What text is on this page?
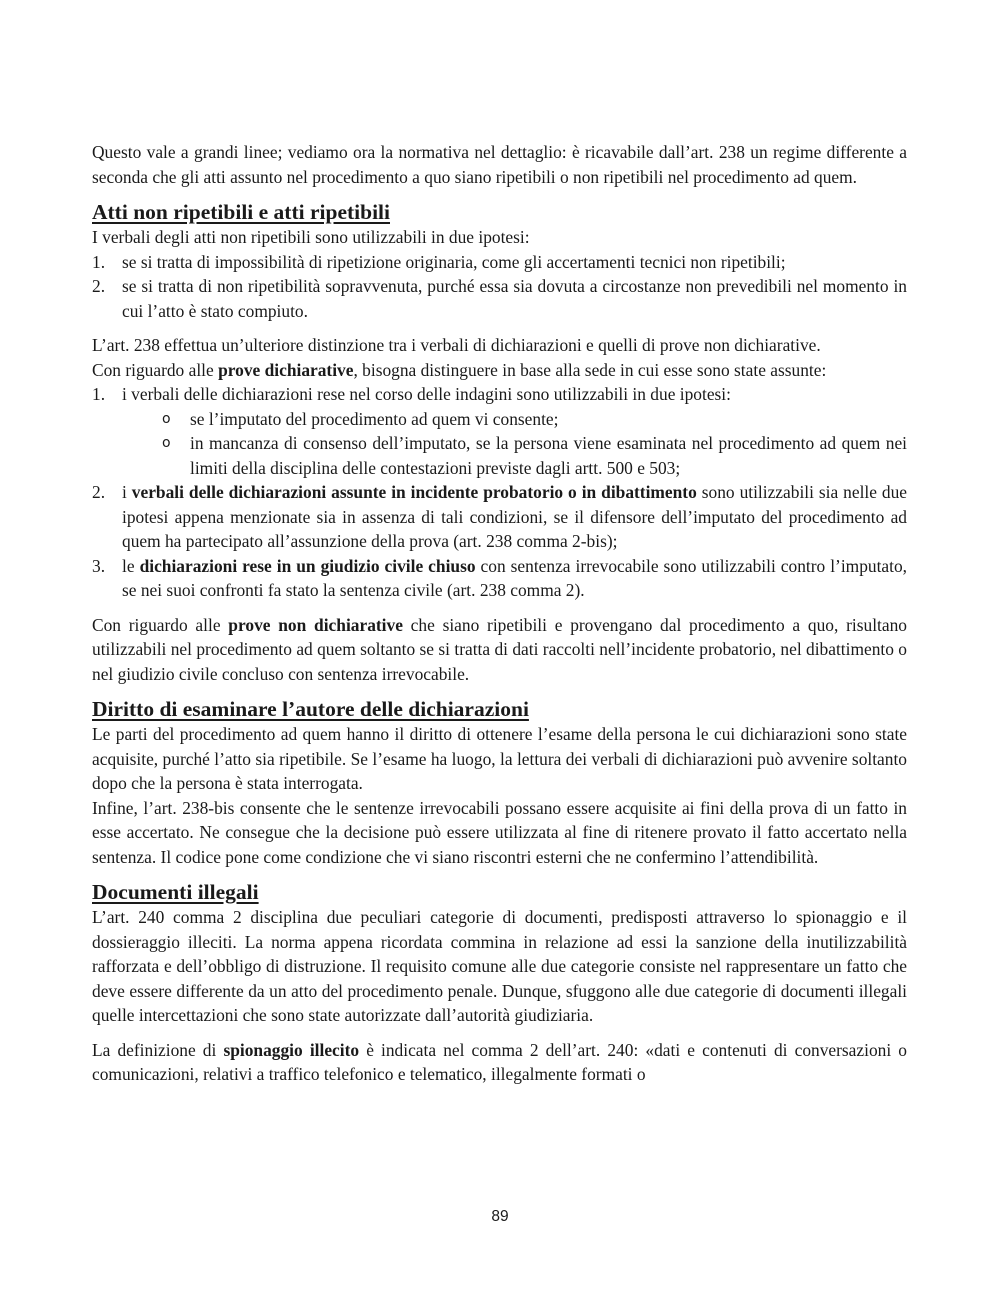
Questo vale a grandi linee; vediamo ora la normativa nel dettaglio: è ricavabile dall’art. 238 un regime differente a seconda che gli atti assunto nel procedimento a quo siano ripetibili o non ripetibili nel procedimento ad quem.

Atti non ripetibili e atti ripetibili

I verbali degli atti non ripetibili sono utilizzabili in due ipotesi:

1. se si tratta di impossibilità di ripetizione originaria, come gli accertamenti tecnici non ripetibili;
2. se si tratta di non ripetibilità sopravvenuta, purché essa sia dovuta a circostanze non prevedibili nel momento in cui l’atto è stato compiuto.

L’art. 238 effettua un’ulteriore distinzione tra i verbali di dichiarazioni e quelli di prove non dichiarative.

Con riguardo alle prove dichiarative, bisogna distinguere in base alla sede in cui esse sono state assunte:

1. i verbali delle dichiarazioni rese nel corso delle indagini sono utilizzabili in due ipotesi:
o se l’imputato del procedimento ad quem vi consente;
o in mancanza di consenso dell’imputato, se la persona viene esaminata nel procedimento ad quem nei limiti della disciplina delle contestazioni previste dagli artt. 500 e 503;
2. i verbali delle dichiarazioni assunte in incidente probatorio o in dibattimento sono utilizzabili sia nelle due ipotesi appena menzionate sia in assenza di tali condizioni, se il difensore dell’imputato del procedimento ad quem ha partecipato all’assunzione della prova (art. 238 comma 2-bis);
3. le dichiarazioni rese in un giudizio civile chiuso con sentenza irrevocabile sono utilizzabili contro l’imputato, se nei suoi confronti fa stato la sentenza civile (art. 238 comma 2).

Con riguardo alle prove non dichiarative che siano ripetibili e provengano dal procedimento a quo, risultano utilizzabili nel procedimento ad quem soltanto se si tratta di dati raccolti nell’incidente probatorio, nel dibattimento o nel giudizio civile concluso con sentenza irrevocabile.

Diritto di esaminare l’autore delle dichiarazioni

Le parti del procedimento ad quem hanno il diritto di ottenere l’esame della persona le cui dichiarazioni sono state acquisite, purché l’atto sia ripetibile. Se l’esame ha luogo, la lettura dei verbali di dichiarazioni può avvenire soltanto dopo che la persona è stata interrogata.

Infine, l’art. 238-bis consente che le sentenze irrevocabili possano essere acquisite ai fini della prova di un fatto in esse accertato. Ne consegue che la decisione può essere utilizzata al fine di ritenere provato il fatto accertato nella sentenza. Il codice pone come condizione che vi siano riscontri esterni che ne confermino l’attendibilità.

Documenti illegali

L’art. 240 comma 2 disciplina due peculiari categorie di documenti, predisposti attraverso lo spionaggio e il dossieraggio illeciti. La norma appena ricordata commina in relazione ad essi la sanzione della inutilizzabilità rafforzata e dell’obbligo di distruzione. Il requisito comune alle due categorie consiste nel rappresentare un fatto che deve essere differente da un atto del procedimento penale. Dunque, sfuggono alle due categorie di documenti illegali quelle intercettazioni che sono state autorizzate dall’autorità giudiziaria.

La definizione di spionaggio illecito è indicata nel comma 2 dell’art. 240: «dati e contenuti di conversazioni o comunicazioni, relativi a traffico telefonico e telematico, illegalmente formati o

89
